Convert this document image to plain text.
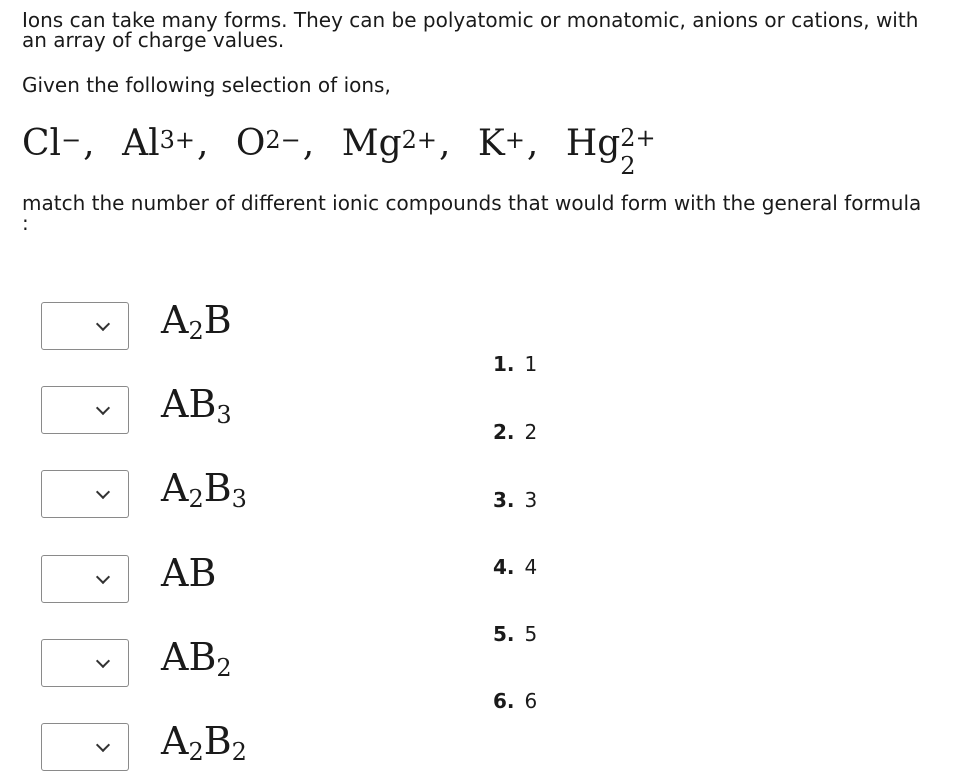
Ions can take many forms. They can be polyatomic or monatomic, anions or cations, with an array of charge values.
Given the following selection of ions,
Cl−, $Al^{3+}$, $O^{2-}$, $Mg^{2+}$, K+, Hg 2+
2
match the number of different ionic compounds that would form with the general formula :
$A_2B$
$AB_3$
$A_2B_3$
AB
$AB_2$
$A_2B_2$
1. 1
2. 2
3. 3
4. 4
5. 5
6. 6
